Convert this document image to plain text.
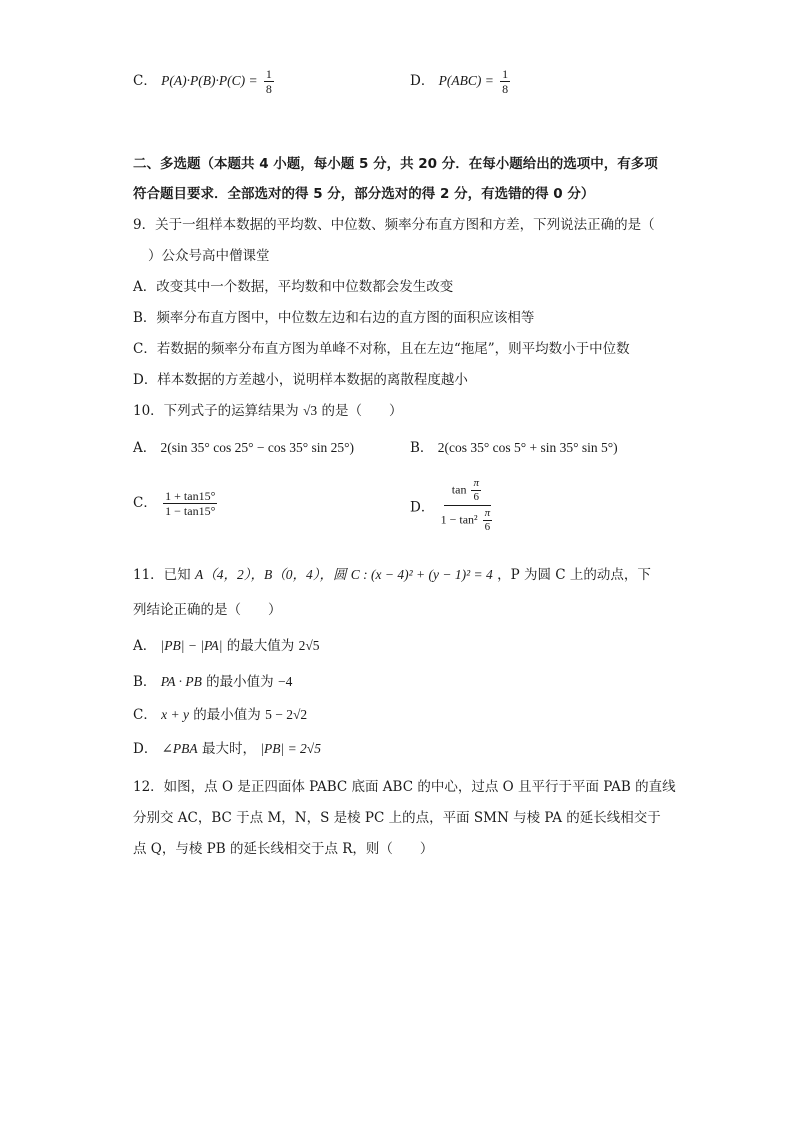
C． $P(A)\cdot P(B)\cdot P(C) = \frac{1}{8}$	D． $P(ABC) = \frac{1}{8}$
二、多选题（本题共 4 小题，每小题 5 分，共 20 分．在每小题给出的选项中，有多项
符合题目要求．全部选对的得 5 分，部分选对的得 2 分，有选错的得 0 分）
9．关于一组样本数据的平均数、中位数、频率分布直方图和方差，下列说法正确的是（
）公众号高中僧课堂
A．改变其中一个数据，平均数和中位数都会发生改变
B．频率分布直方图中，中位数左边和右边的直方图的面积应该相等
C．若数据的频率分布直方图为单峰不对称，且在左边“拖尾”，则平均数小于中位数
D．样本数据的方差越小，说明样本数据的离散程度越小
10．下列式子的运算结果为 √3 的是（　　）
A． 2(sin 35° cos 25° − cos 35° sin 25°)	B． 2(cos 35° cos 5° + sin 35° sin 5°)
C． $\frac{1 + \tan 15^\circ}{1 - \tan 15^\circ}$	D． $\frac{\tan \frac{\pi}{6}}{1 - \tan^2 \frac{\pi}{6}}$
11．已知 A（4，2），B（0，4），圆 C : (x − 4)² + (y − 1)² = 4 ，P 为圆 C 上的动点，下
列结论正确的是（　　）
A． |PB| − |PA| 的最大值为 2√5
B． PA · PB 的最小值为 −4
C． x + y 的最小值为 5 − 2√2
D． ∠PBA 最大时， |PB| = 2√5
12．如图，点 O 是正四面体 PABC 底面 ABC 的中心，过点 O 且平行于平面 PAB 的直线
分别交 AC，BC 于点 M，N，S 是棱 PC 上的点，平面 SMN 与棱 PA 的延长线相交于
点 Q，与棱 PB 的延长线相交于点 R，则（　　）
